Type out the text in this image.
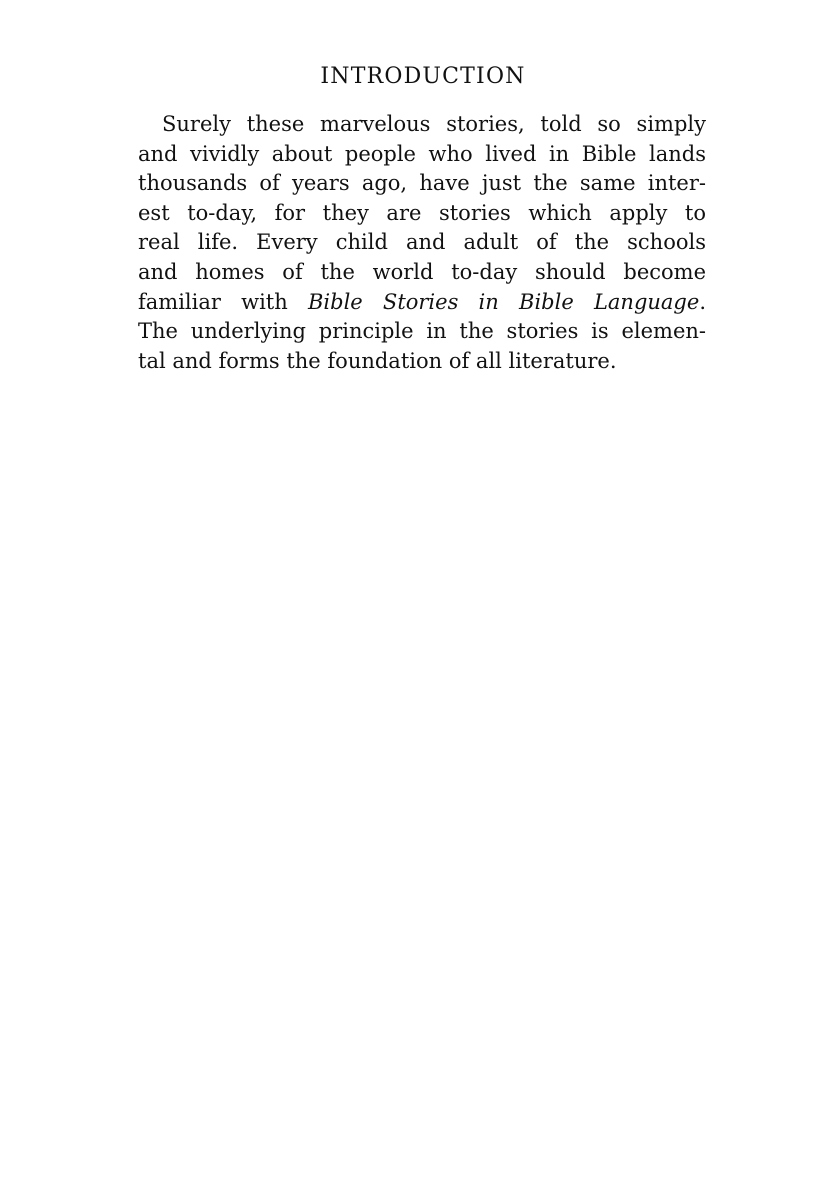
INTRODUCTION
Surely these marvelous stories, told so simply
and vividly about people who lived in Bible lands
thousands of years ago, have just the same inter-
est to-day, for they are stories which apply to
real life. Every child and adult of the schools
and homes of the world to-day should become
familiar with Bible Stories in Bible Language.
The underlying principle in the stories is elemen-
tal and forms the foundation of all literature.
